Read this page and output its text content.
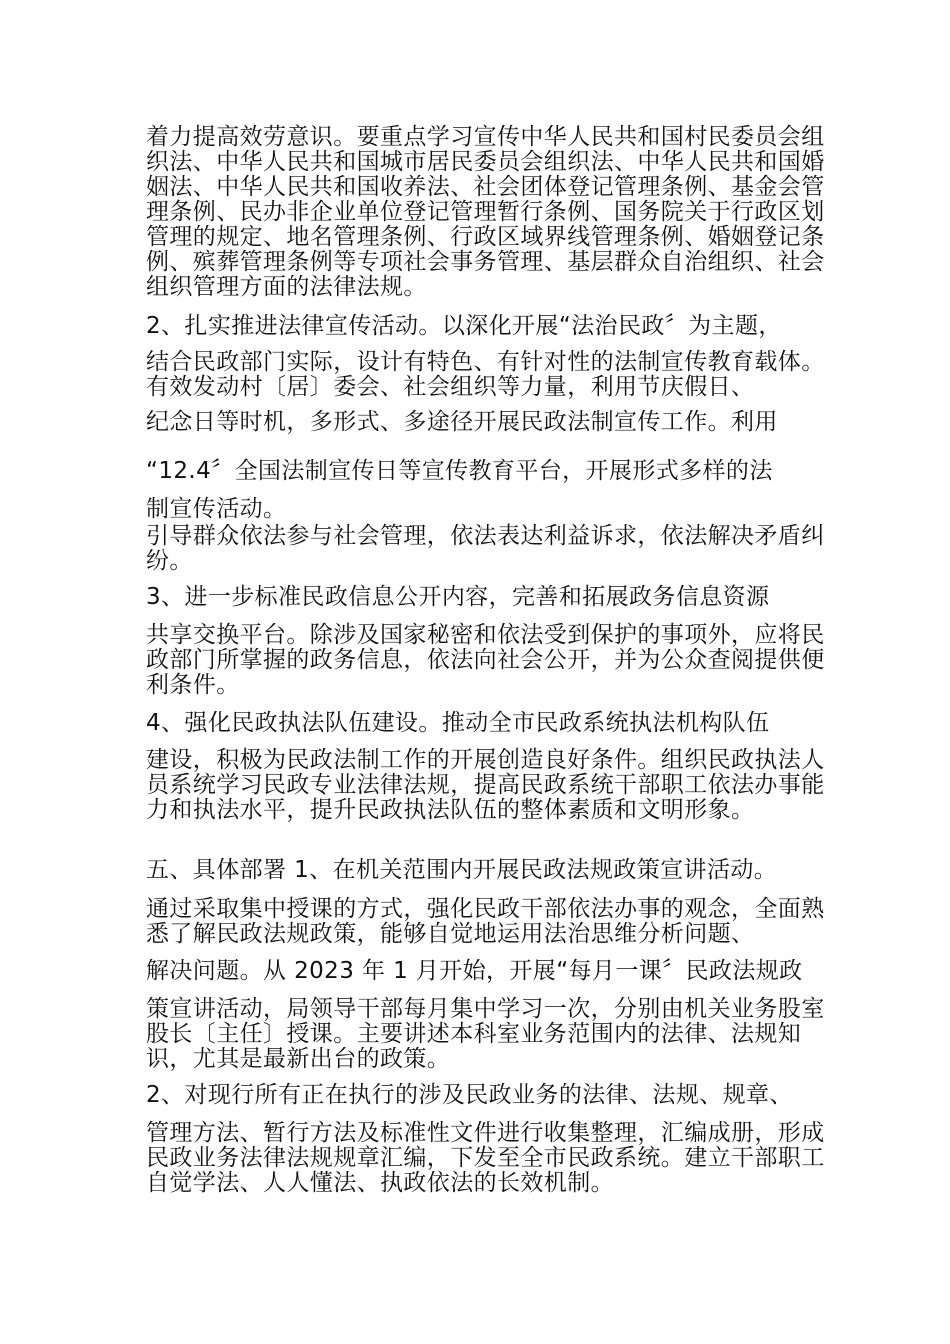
着力提高效劳意识。要重点学习宣传中华人民共和国村民委员会组织法、中华人民共和国城市居民委员会组织法、中华人民共和国婚姻法、中华人民共和国收养法、社会团体登记管理条例、基金会管理条例、民办非企业单位登记管理暂行条例、国务院关于行政区划管理的规定、地名管理条例、行政区域界线管理条例、婚姻登记条例、殡葬管理条例等专项社会事务管理、基层群众自治组织、社会组织管理方面的法律法规。

2、扎实推进法律宣传活动。以深化开展“法治民政〞为主题，

结合民政部门实际，设计有特色、有针对性的法制宣传教育载体。有效发动村〔居〕委会、社会组织等力量，利用节庆假日、

纪念日等时机，多形式、多途径开展民政法制宣传工作。利用

“12.4〞全国法制宣传日等宣传教育平台，开展形式多样的法

制宣传活动。

引导群众依法参与社会管理，依法表达利益诉求，依法解决矛盾纠纷。

3、进一步标准民政信息公开内容，完善和拓展政务信息资源

共享交换平台。除涉及国家秘密和依法受到保护的事项外，应将民政部门所掌握的政务信息，依法向社会公开，并为公众查阅提供便利条件。

4、强化民政执法队伍建设。推动全市民政系统执法机构队伍

建设，积极为民政法制工作的开展创造良好条件。组织民政执法人员系统学习民政专业法律法规，提高民政系统干部职工依法办事能力和执法水平，提升民政执法队伍的整体素质和文明形象。

五、具体部署 1、在机关范围内开展民政法规政策宣讲活动。

通过采取集中授课的方式，强化民政干部依法办事的观念，全面熟悉了解民政法规政策，能够自觉地运用法治思维分析问题、

解决问题。从 2023 年 1 月开始，开展“每月一课〞民政法规政

策宣讲活动，局领导干部每月集中学习一次，分别由机关业务股室股长〔主任〕授课。主要讲述本科室业务范围内的法律、法规知识，尤其是最新出台的政策。

2、对现行所有正在执行的涉及民政业务的法律、法规、规章、

管理方法、暂行方法及标准性文件进行收集整理，汇编成册，形成民政业务法律法规规章汇编，下发至全市民政系统。建立干部职工自觉学法、人人懂法、执政依法的长效机制。
